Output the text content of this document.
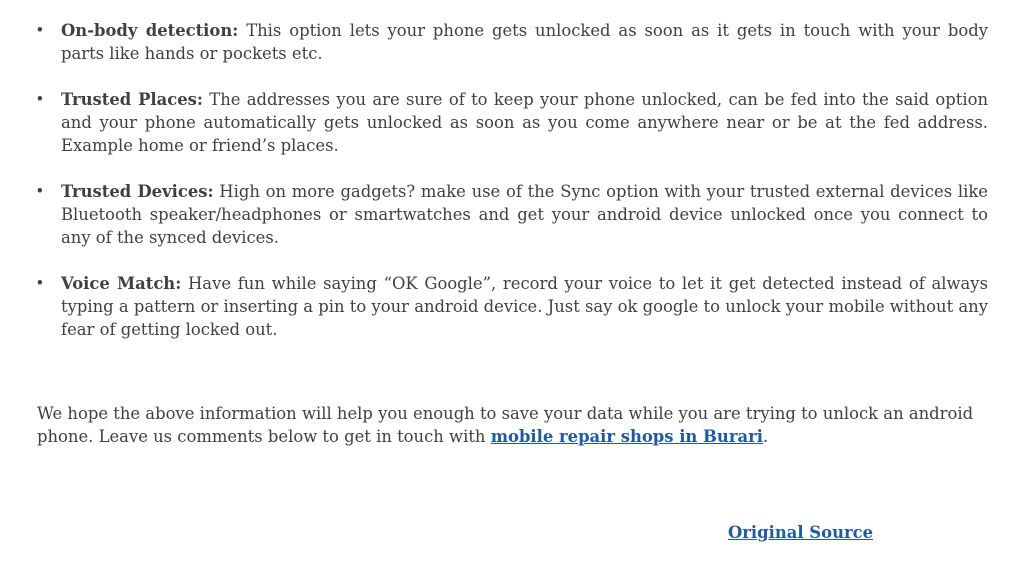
• On-body detection: This option lets your phone gets unlocked as soon as it gets in touch with your body parts like hands or pockets etc.
• Trusted Places: The addresses you are sure of to keep your phone unlocked, can be fed into the said option and your phone automatically gets unlocked as soon as you come anywhere near or be at the fed address. Example home or friend’s places.
• Trusted Devices: High on more gadgets? make use of the Sync option with your trusted external devices like Bluetooth speaker/headphones or smartwatches and get your android device unlocked once you connect to any of the synced devices.
• Voice Match: Have fun while saying “OK Google”, record your voice to let it get detected instead of always typing a pattern or inserting a pin to your android device. Just say ok google to unlock your mobile without any fear of getting locked out.

We hope the above information will help you enough to save your data while you are trying to unlock an android phone. Leave us comments below to get in touch with mobile repair shops in Burari.

Original Source
